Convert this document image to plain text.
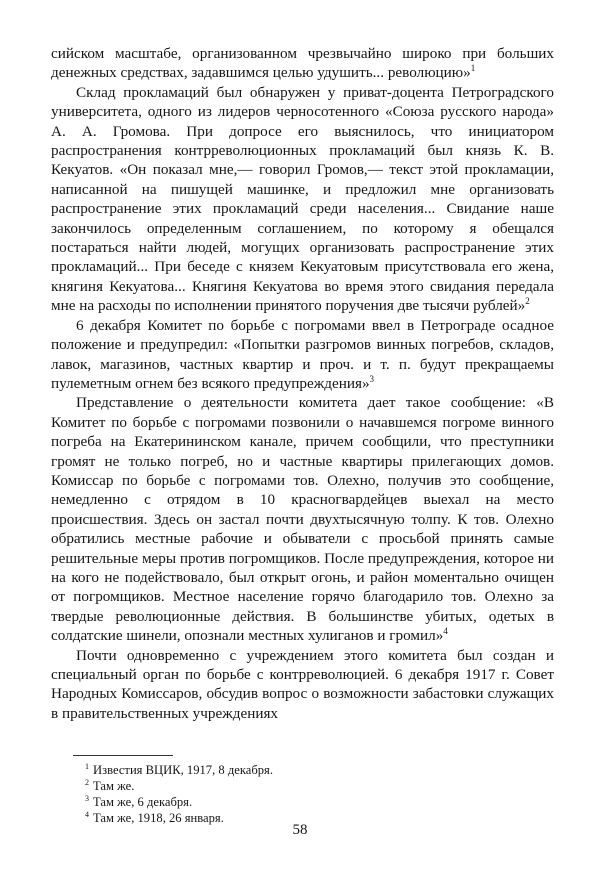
сийском масштабе, организованном чрезвычайно широко при больших денежных средствах, задавшимся целью удушить... революцию»$^1$

Склад прокламаций был обнаружен у приват-доцента Петроградского университета, одного из лидеров черносотенного «Союза русского народа» А. А. Громова. При допросе его выяснилось, что инициатором распространения контрреволюционных прокламаций был князь К. В. Кекуатов. «Он показал мне,— говорил Громов,— текст этой прокламации, написанной на пишущей машинке, и предложил мне организовать распространение этих прокламаций среди населения... Свидание наше закончилось определенным соглашением, по которому я обещался постараться найти людей, могущих организовать распространение этих прокламаций... При беседе с князем Кекуатовым присутствовала его жена, княгиня Кекуатова... Княгиня Кекуатова во время этого свидания передала мне на расходы по исполнении принятого поручения две тысячи рублей»$^2$

6 декабря Комитет по борьбе с погромами ввел в Петрограде осадное положение и предупредил: «Попытки разгромов винных погребов, складов, лавок, магазинов, частных квартир и проч. и т. п. будут прекращаемы пулеметным огнем без всякого предупреждения»$^3$

Представление о деятельности комитета дает такое сообщение: «В Комитет по борьбе с погромами позвонили о начавшемся погроме винного погреба на Екатерининском канале, причем сообщили, что преступники громят не только погреб, но и частные квартиры прилегающих домов. Комиссар по борьбе с погромами тов. Олехно, получив это сообщение, немедленно с отрядом в 10 красногвардейцев выехал на место происшествия. Здесь он застал почти двухтысячную толпу. К тов. Олехно обратились местные рабочие и обыватели с просьбой принять самые решительные меры против погромщиков. После предупреждения, которое ни на кого не подействовало, был открыт огонь, и район моментально очищен от погромщиков. Местное население горячо благодарило тов. Олехно за твердые революционные действия. В большинстве убитых, одетых в солдатские шинели, опознали местных хулиганов и громил»$^4$

Почти одновременно с учреждением этого комитета был создан и специальный орган по борьбе с контрреволюцией. 6 декабря 1917 г. Совет Народных Комиссаров, обсудив вопрос о возможности забастовки служащих в правительственных учреждениях

$^1$ Известия ВЦИК, 1917, 8 декабря.

$^2$ Там же.

$^3$ Там же, 6 декабря.

$^4$ Там же, 1918, 26 января.

58
